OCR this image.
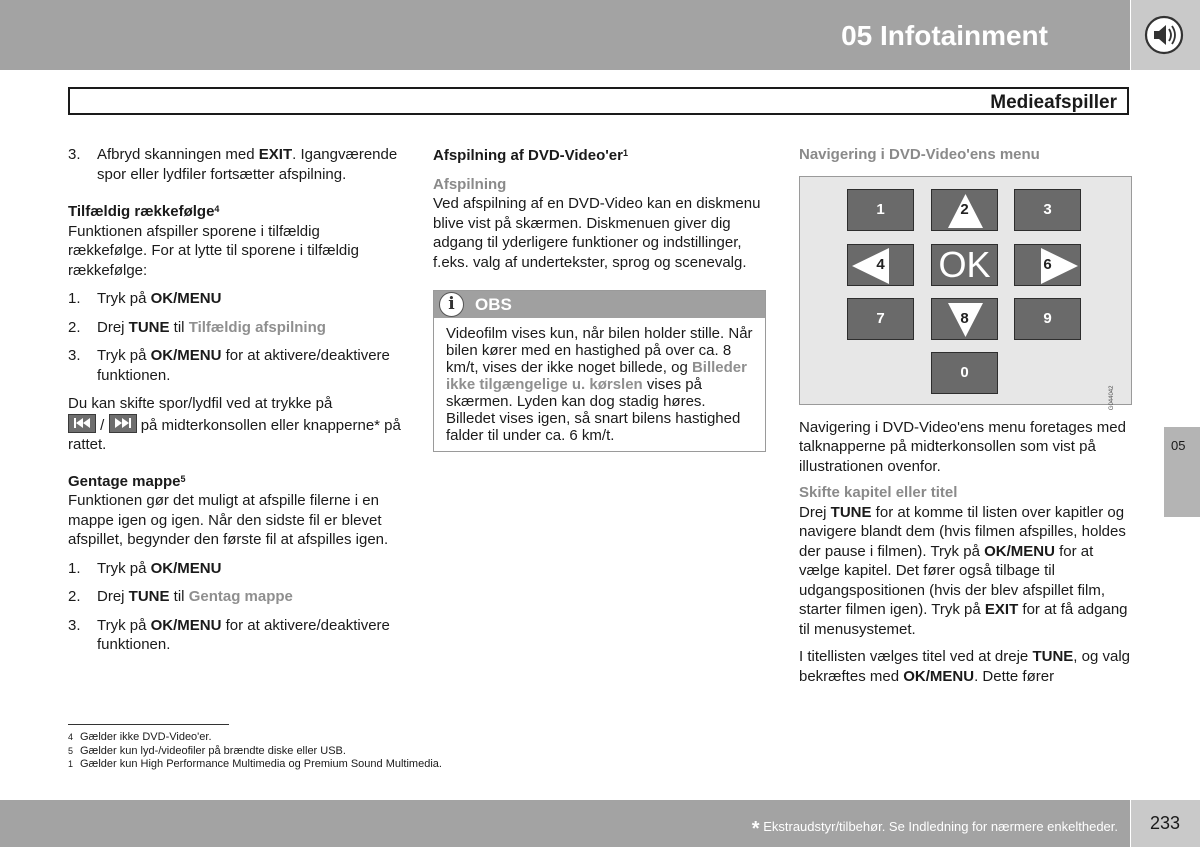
05 Infotainment
Medieafspiller
3. Afbryd skanningen med EXIT. Igangværende spor eller lydfiler fortsætter afspilning.
Tilfældig rækkefølge$^4$

Funktionen afspiller sporene i tilfældig rækkefølge. For at lytte til sporene i tilfældig rækkefølge:

1. Tryk på OK/MENU
2. Drej TUNE til Tilfældig afspilning
3. Tryk på OK/MENU for at aktivere/deaktivere funktionen.

Du kan skifte spor/lydfil ved at trykke på

/ på midterkonsollen eller knapperne* på rattet.

Gentage mappe$^5$

Funktionen gør det muligt at afspille filerne i en mappe igen og igen. Når den sidste fil er blevet afspillet, begynder den første fil at afspilles igen.

1. Tryk på OK/MENU
2. Drej TUNE til Gentag mappe
3. Tryk på OK/MENU for at aktivere/deaktivere funktionen.
Afspilning af DVD-$Video'er^1$
Afspilning

Ved afspilning af en DVD-Video kan en diskmenu blive vist på skærmen. Diskmenuen giver dig adgang til yderligere funktioner og indstillinger, f.eks. valg af undertekster, sprog og scenevalg.

i	OBS
Videofilm vises kun, når bilen holder stille. Når bilen kører med en hastighed på over ca. 8 km/t, vises der ikke noget billede, og Billeder ikke tilgængelige u. kørslen vises på skærmen. Lyden kan dog stadig høres. Billedet vises igen, så snart bilens hastighed falder til under ca. 6 km/t.
Navigering i DVD-Video'ens menu
1	2	3
4	OK	6
7	8	9
0
G044042

Navigering i DVD-Video'ens menu foretages med talknapperne på midterkonsollen som vist på illustrationen ovenfor.

Skifte kapitel eller titel

Drej TUNE for at komme til listen over kapitler og navigere blandt dem (hvis filmen afspilles, holdes der pause i filmen). Tryk på OK/MENU for at vælge kapitel. Det fører også tilbage til udgangspositionen (hvis der blev afspillet film, starter filmen igen). Tryk på EXIT for at få adgang til menusystemet.

I titellisten vælges titel ved at dreje TUNE, og valg bekræftes med OK/MENU. Dette fører

05
4 Gælder ikke DVD-Video'er.
5 Gælder kun lyd-/videofiler på brændte diske eller USB.
1 Gælder kun High Performance Multimedia og Premium Sound Multimedia.
* Ekstraudstyr/tilbehør. Se Indledning for nærmere enkeltheder. 233
